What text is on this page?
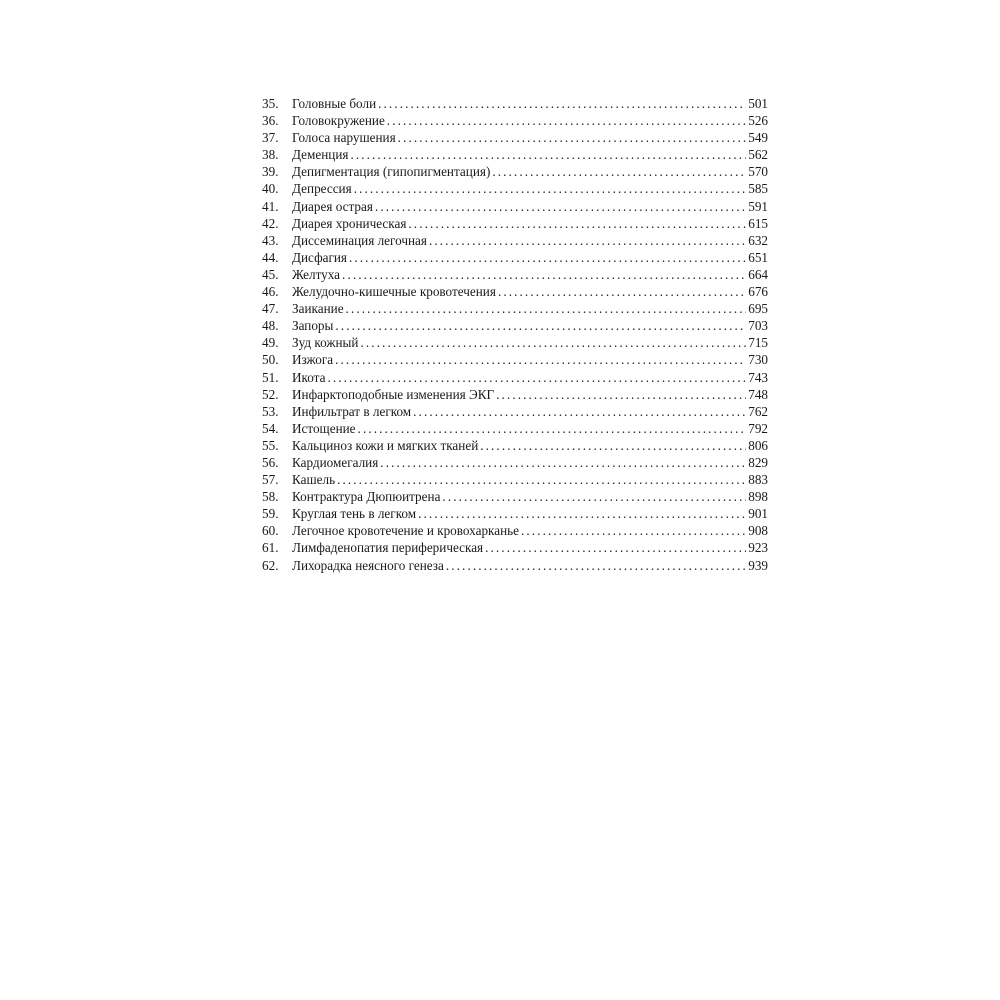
35.	Головные боли . . .	501
36.	Головокружение . . .	526
37.	Голоса нарушения . . .	549
38.	Деменция . . .	562
39.	Депигментация (гипопигментация) . . .	570
40.	Депрессия . . .	585
41.	Диарея острая . . .	591
42.	Диарея хроническая . . .	615
43.	Диссеминация легочная . . .	632
44.	Дисфагия . . .	651
45.	Желтуха . . .	664
46.	Желудочно-кишечные кровотечения . . .	676
47.	Заикание . . .	695
48.	Запоры . . .	703
49.	Зуд кожный . . .	715
50.	Изжога . . .	730
51.	Икота . . .	743
52.	Инфарктоподобные изменения ЭКГ . . .	748
53.	Инфильтрат в легком . . .	762
54.	Истощение . . .	792
55.	Кальциноз кожи и мягких тканей . . .	806
56.	Кардиомегалия . . .	829
57.	Кашель . . .	883
58.	Контрактура Дюпюитрена . . .	898
59.	Круглая тень в легком . . .	901
60.	Легочное кровотечение и кровохарканье . . .	908
61.	Лимфаденопатия периферическая . . .	923
62.	Лихорадка неясного генеза . . .	939
